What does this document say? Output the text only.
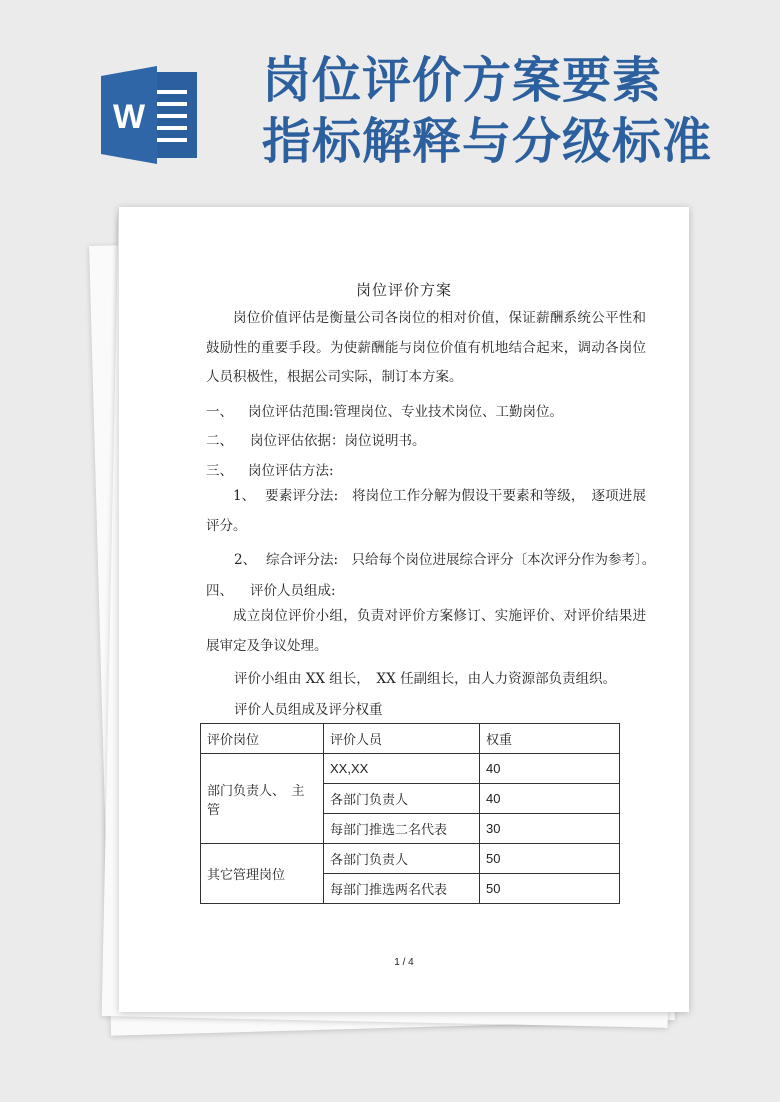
W
岗位评价方案要素
指标解释与分级标准
岗位评价方案
岗位价值评估是衡量公司各岗位的相对价值，保证薪酬系统公平性和鼓励性的重要手段。为使薪酬能与岗位价值有机地结合起来，调动各岗位人员积极性，根据公司实际，制订本方案。
一、 岗位评估范围:管理岗位、专业技术岗位、工勤岗位。
二、 岗位评估依据：岗位说明书。
三、 岗位评估方法:
1、 要素评分法:　将岗位工作分解为假设干要素和等级，　逐项进展评分。
2、 综合评分法:　只给每个岗位进展综合评分〔本次评分作为参考〕。
四、 评价人员组成:
成立岗位评价小组，负责对评价方案修订、实施评价、对评价结果进展审定及争议处理。
评价小组由 XX 组长，　XX 任副组长，由人力资源部负责组织。
评价人员组成及评分权重
评价岗位	评价人员	权重
部门负责人、　主管	XX,XX	40
	各部门负责人	40
	每部门推选二名代表	30
其它管理岗位	各部门负责人	50
	每部门推选两名代表	50
1 / 4
